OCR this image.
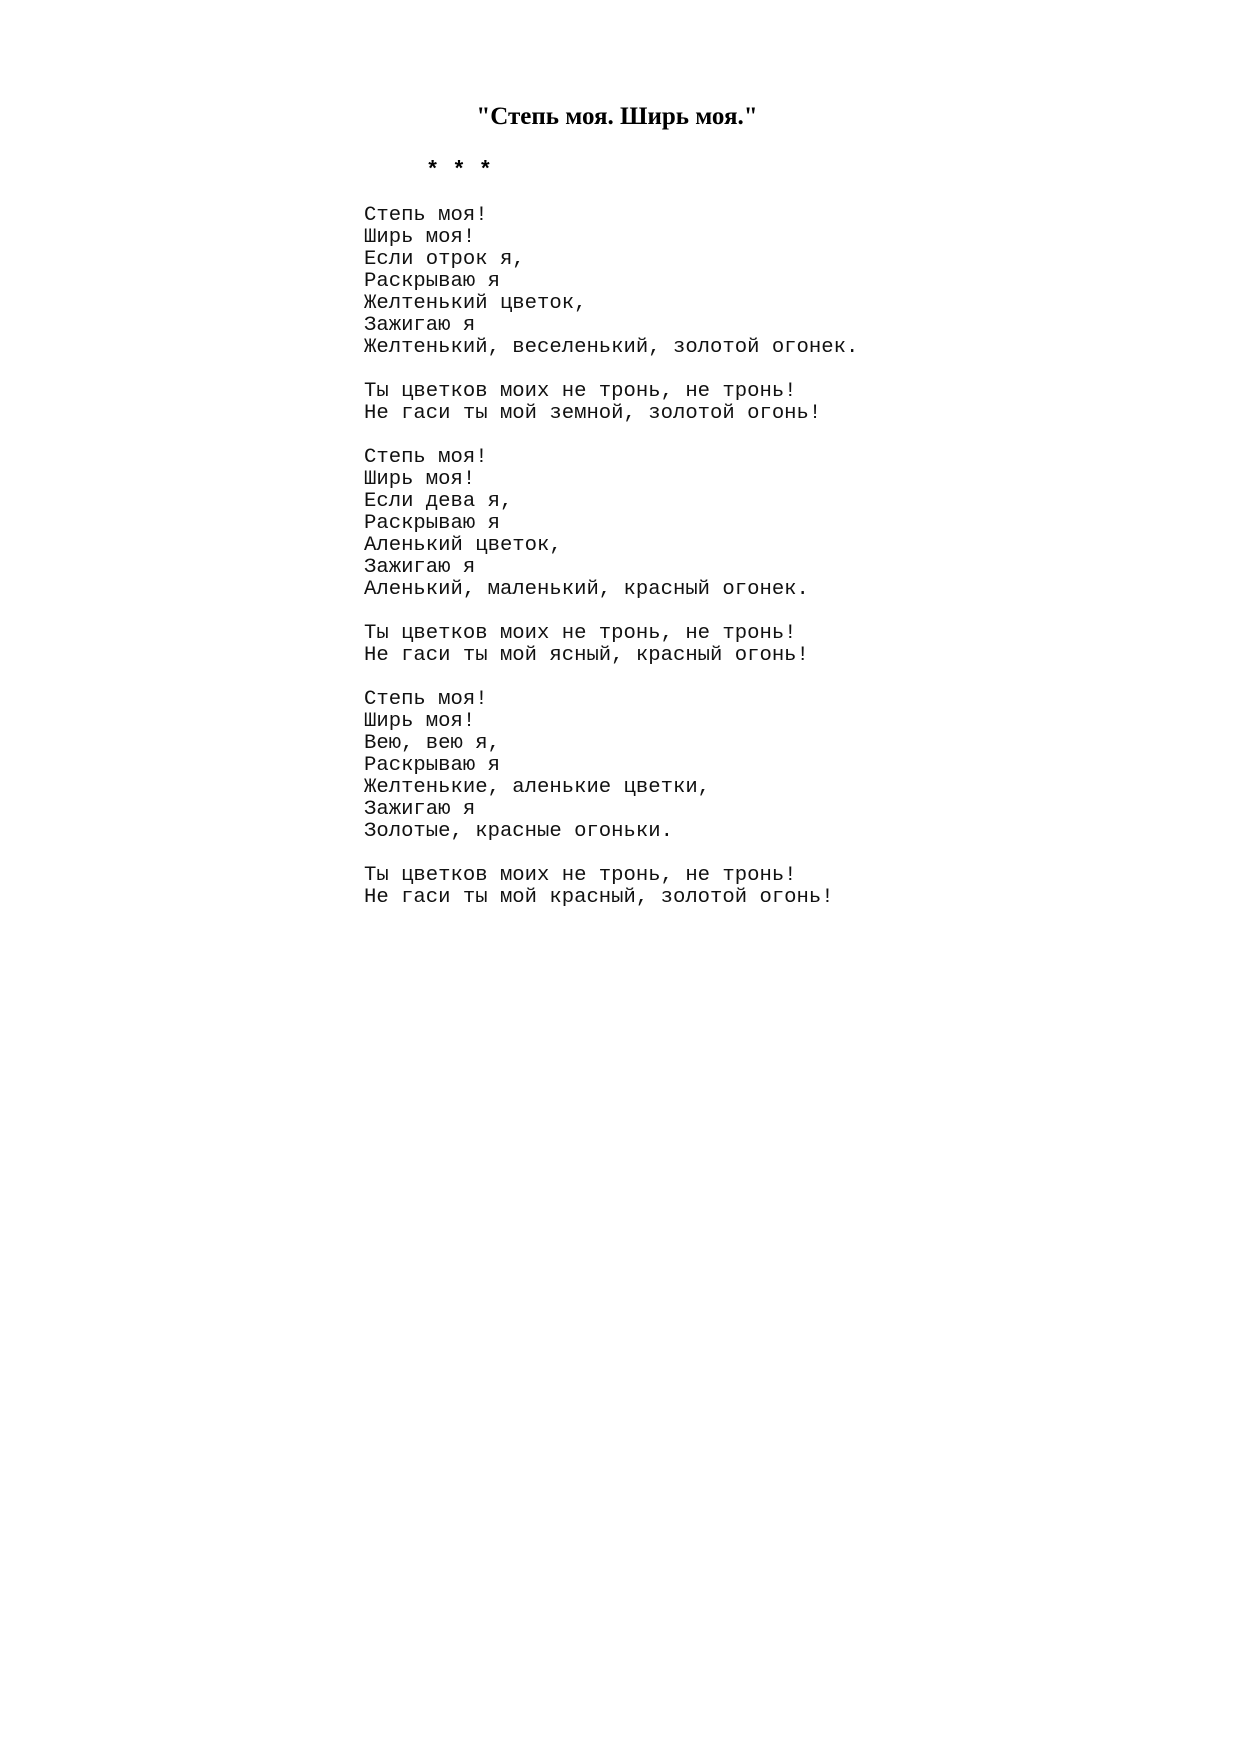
"Степь моя. Ширь моя."
* * *
Степь моя!
Ширь моя!
Если отрок я,
Раскрываю я
Желтенький цветок,
Зажигаю я
Желтенький, веселенький, золотой огонек.
Ты цветков моих не тронь, не тронь!
Не гаси ты мой земной, золотой огонь!
Степь моя!
Ширь моя!
Если дева я,
Раскрываю я
Аленький цветок,
Зажигаю я
Аленький, маленький, красный огонек.
Ты цветков моих не тронь, не тронь!
Не гаси ты мой ясный, красный огонь!
Степь моя!
Ширь моя!
Вею, вею я,
Раскрываю я
Желтенькие, аленькие цветки,
Зажигаю я
Золотые, красные огоньки.
Ты цветков моих не тронь, не тронь!
Не гаси ты мой красный, золотой огонь!
